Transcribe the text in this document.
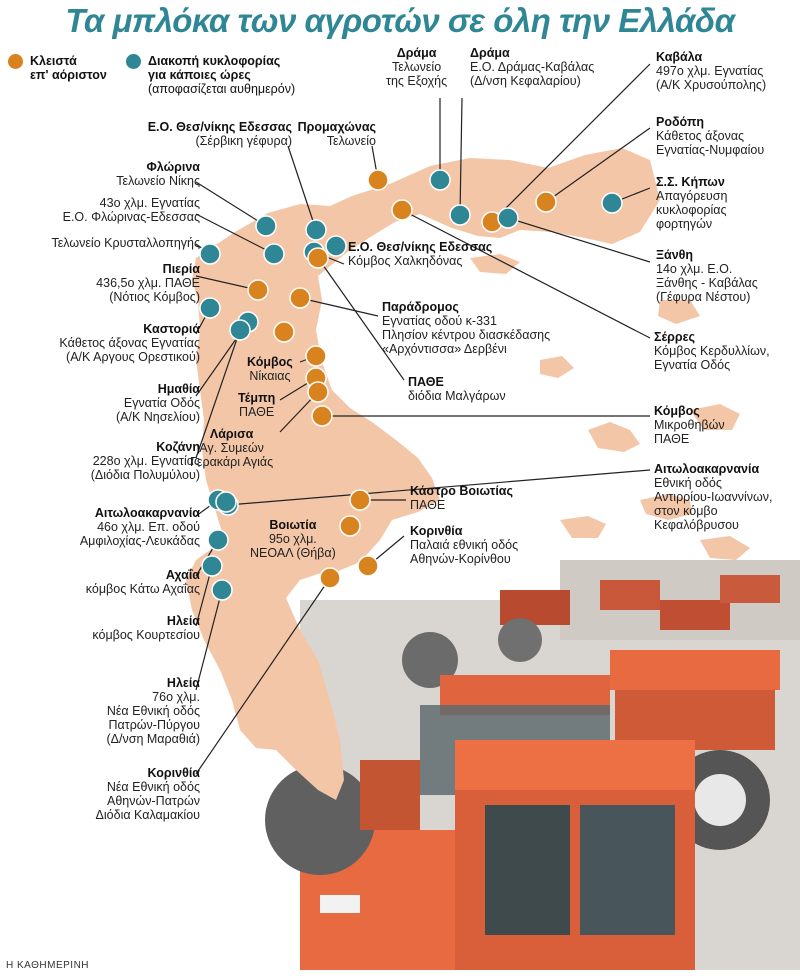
Τα μπλόκα των αγροτών σε όλη την Ελλάδα
Κλειστά
επ' αόριστον
Διακοπή κυκλοφορίας
για κάποιες ώρες
(αποφασίζεται αυθημερόν)
Ε.Ο. Θεσ/νίκης Εδεσσας
(Σέρβικη γέφυρα)
Προμαχώνας
Τελωνείο
Δράμα
Τελωνείο
της Εξοχής
Δράμα
Ε.Ο. Δράμας-Καβάλας
(Δ/νση Κεφαλαρίου)
Καβάλα
497ο χλμ. Εγνατίας
(Α/Κ Χρυσούπολης)
Ροδόπη
Κάθετος άξονας
Εγνατίας-Νυμφαίου
Σ.Σ. Κήπων
Απαγόρευση
κυκλοφορίας
φορτηγών
Ξάνθη
14ο χλμ. Ε.Ο.
Ξάνθης - Καβάλας
(Γέφυρα Νέστου)
Φλώρινα
Τελωνείο Νίκης
43ο χλμ. Εγνατίας
Ε.Ο. Φλώρινας-Εδεσσας
Τελωνείο Κρυσταλλοπηγής	Ε.Ο. Θεσ/νίκης Εδεσσας
Κόμβος Χαλκηδόνας
Πιερία
436,5ο χλμ. ΠΑΘΕ
(Νότιος Κόμβος)
Παράδρομος
Εγνατίας οδού κ-331
Πλησίον κέντρου διασκέδασης
«Αρχόντισσα» Δερβένι
Σέρρες
Κόμβος Κερδυλλίων,
Εγνατία Οδός
Καστοριά
Κάθετος άξονας Εγνατίας
(Α/Κ Αργους Ορεστικού)	Κόμβος
Νίκαιας
Ημαθία
Εγνατία Οδός
(Α/Κ Νησελίου)
Τέμπη
ΠΑΘΕ
ΠΑΘΕ
διόδια Μαλγάρων
Λάρισα
Αγ. Συμεών
Γερακάρι Αγιάς
Κόμβος
Μικροθηβών
ΠΑΘΕ
Κοζάνη
228ο χλμ. Εγνατίας
(Διόδια Πολυμύλου)	Αιτωλοακαρνανία
Εθνική οδός
Αντιρρίου-Ιωαννίνων,
στον κόμβο
Κεφαλόβρυσου
Αιτωλοακαρνανία
46ο χλμ. Επ. οδού
Αμφιλοχίας-Λευκάδας
Κάστρο Βοιωτίας
ΠΑΘΕ
Βοιωτία
95ο χλμ.
ΝΕΟΑΛ (Θήβα)
Κορινθία
Παλαιά εθνική οδός
Αθηνών-Κορίνθου
Αχαΐα
κόμβος Κάτω Αχαΐας
Ηλεία
κόμβος Κουρτεσίου
Ηλεία
76ο χλμ.
Νέα Εθνική οδός
Πατρών-Πύργου
(Δ/νση Μαραθιά)
Κορινθία
Νέα Εθνική οδός
Αθηνών-Πατρών
Διόδια Καλαμακίου
Η ΚΑΘΗΜΕΡΙΝΗ
